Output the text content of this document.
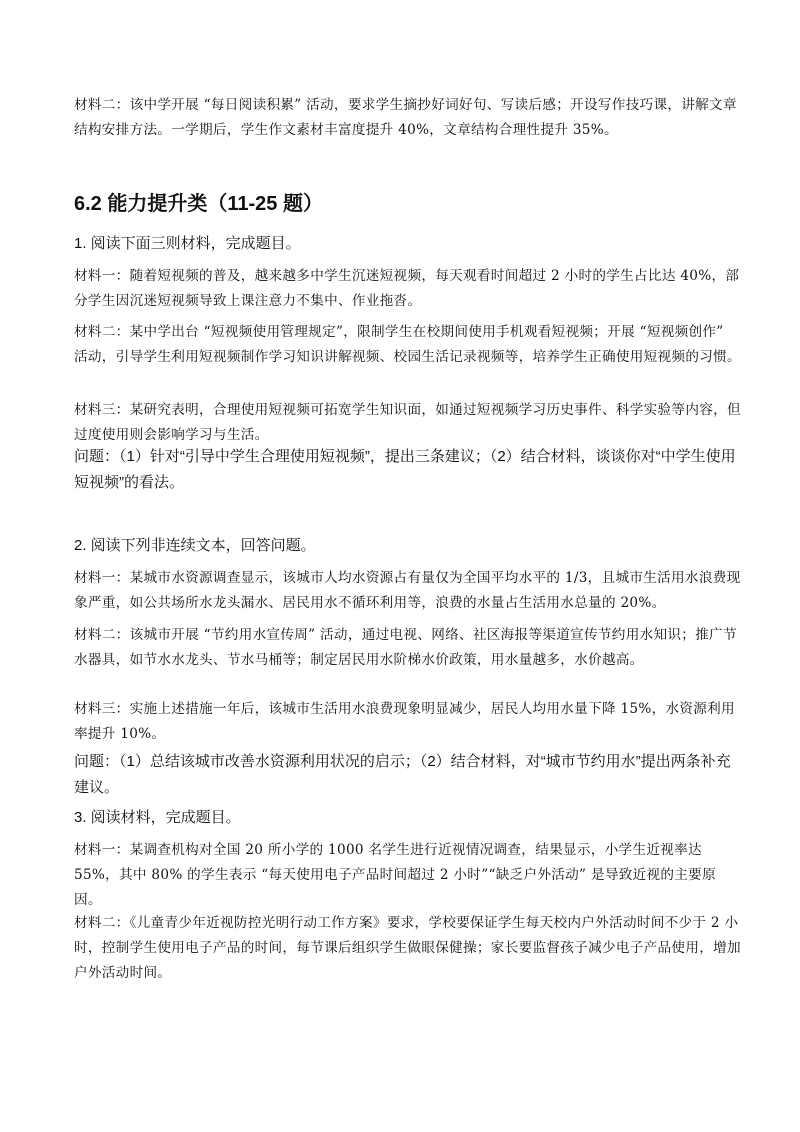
材料二：该中学开展 “每日阅读积累” 活动，要求学生摘抄好词好句、写读后感；开设写作技巧课，讲解文章结构安排方法。一学期后，学生作文素材丰富度提升 40%，文章结构合理性提升 35%。

6.2 能力提升类（11-25 题）

1. 阅读下面三则材料，完成题目。

材料一：随着短视频的普及，越来越多中学生沉迷短视频，每天观看时间超过 2 小时的学生占比达 40%，部分学生因沉迷短视频导致上课注意力不集中、作业拖沓。

材料二：某中学出台 “短视频使用管理规定”，限制学生在校期间使用手机观看短视频；开展 “短视频创作” 活动，引导学生利用短视频制作学习知识讲解视频、校园生活记录视频等，培养学生正确使用短视频的习惯。

材料三：某研究表明，合理使用短视频可拓宽学生知识面，如通过短视频学习历史事件、科学实验等内容，但过度使用则会影响学习与生活。

问题：（1）针对“引导中学生合理使用短视频”，提出三条建议；（2）结合材料，谈谈你对“中学生使用短视频”的看法。

2. 阅读下列非连续文本，回答问题。

材料一：某城市水资源调查显示，该城市人均水资源占有量仅为全国平均水平的 1/3，且城市生活用水浪费现象严重，如公共场所水龙头漏水、居民用水不循环利用等，浪费的水量占生活用水总量的 20%。

材料二：该城市开展 “节约用水宣传周” 活动，通过电视、网络、社区海报等渠道宣传节约用水知识；推广节水器具，如节水水龙头、节水马桶等；制定居民用水阶梯水价政策，用水量越多，水价越高。

材料三：实施上述措施一年后，该城市生活用水浪费现象明显减少，居民人均用水量下降 15%，水资源利用率提升 10%。

问题：（1）总结该城市改善水资源利用状况的启示；（2）结合材料，对“城市节约用水”提出两条补充建议。

3. 阅读材料，完成题目。

材料一：某调查机构对全国 20 所小学的 1000 名学生进行近视情况调查，结果显示，小学生近视率达 55%，其中 80% 的学生表示 “每天使用电子产品时间超过 2 小时”“缺乏户外活动” 是导致近视的主要原因。

材料二：《儿童青少年近视防控光明行动工作方案》要求，学校要保证学生每天校内户外活动时间不少于 2 小时，控制学生使用电子产品的时间，每节课后组织学生做眼保健操；家长要监督孩子减少电子产品使用，增加户外活动时间。
